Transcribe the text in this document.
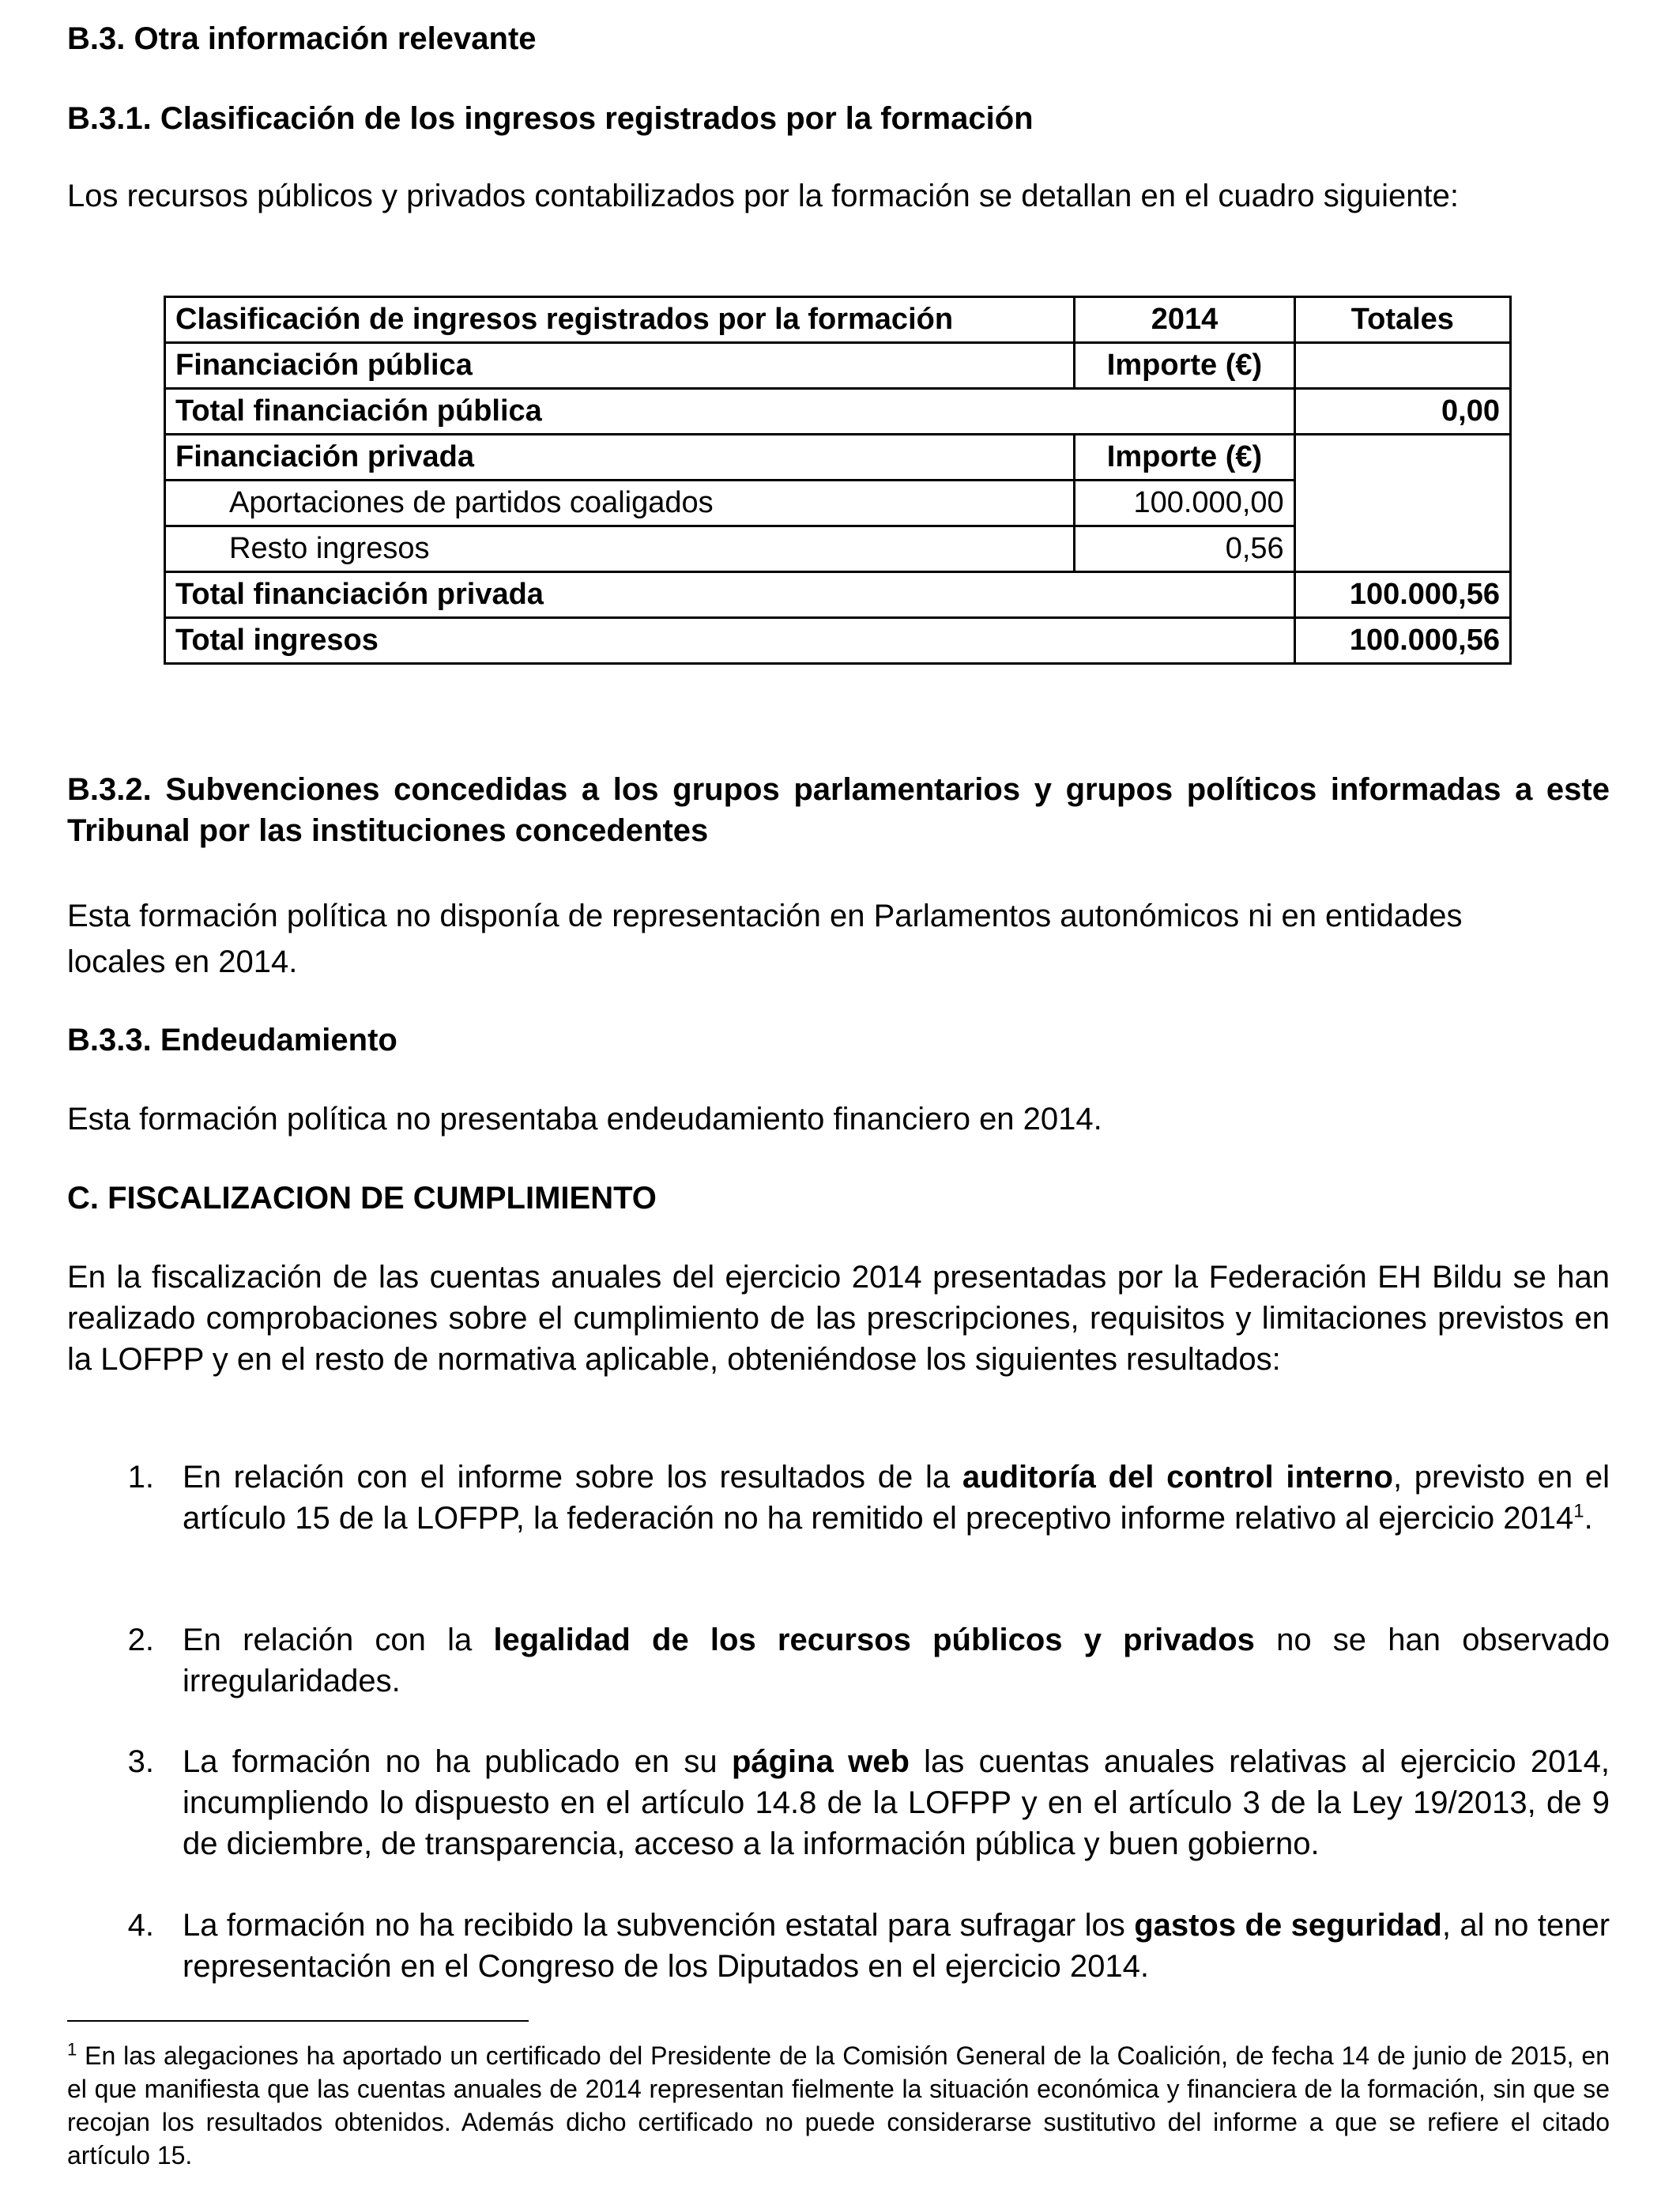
B.3. Otra información relevante

B.3.1. Clasificación de los ingresos registrados por la formación

Los recursos públicos y privados contabilizados por la formación se detallan en el cuadro siguiente:

Clasificación de ingresos registrados por la formación	2014	Totales
Financiación pública	Importe (€)	
Total financiación pública		0,00
Financiación privada	Importe (€)	
Aportaciones de partidos coaligados	100.000,00	
Resto ingresos	0,56	
Total financiación privada		100.000,56
Total ingresos		100.000,56

B.3.2. Subvenciones concedidas a los grupos parlamentarios y grupos políticos informadas a este Tribunal por las instituciones concedentes

Esta formación política no disponía de representación en Parlamentos autonómicos ni en entidades locales en 2014.

B.3.3. Endeudamiento

Esta formación política no presentaba endeudamiento financiero en 2014.

C. FISCALIZACION DE CUMPLIMIENTO

En la fiscalización de las cuentas anuales del ejercicio 2014 presentadas por la Federación EH Bildu se han realizado comprobaciones sobre el cumplimiento de las prescripciones, requisitos y limitaciones previstos en la LOFPP y en el resto de normativa aplicable, obteniéndose los siguientes resultados:

1. En relación con el informe sobre los resultados de la auditoría del control interno, previsto en el artículo 15 de la LOFPP, la federación no ha remitido el preceptivo informe relativo al ejercicio 2014$^1$.
2. En relación con la legalidad de los recursos públicos y privados no se han observado irregularidades.
3. La formación no ha publicado en su página web las cuentas anuales relativas al ejercicio 2014, incumpliendo lo dispuesto en el artículo 14.8 de la LOFPP y en el artículo 3 de la Ley 19/2013, de 9 de diciembre, de transparencia, acceso a la información pública y buen gobierno.
4. La formación no ha recibido la subvención estatal para sufragar los gastos de seguridad, al no tener representación en el Congreso de los Diputados en el ejercicio 2014.
$^1$ En las alegaciones ha aportado un certificado del Presidente de la Comisión General de la Coalición, de fecha 14 de junio de 2015, en el que manifiesta que las cuentas anuales de 2014 representan fielmente la situación económica y financiera de la formación, sin que se recojan los resultados obtenidos. Además dicho certificado no puede considerarse sustitutivo del informe a que se refiere el citado artículo 15.
